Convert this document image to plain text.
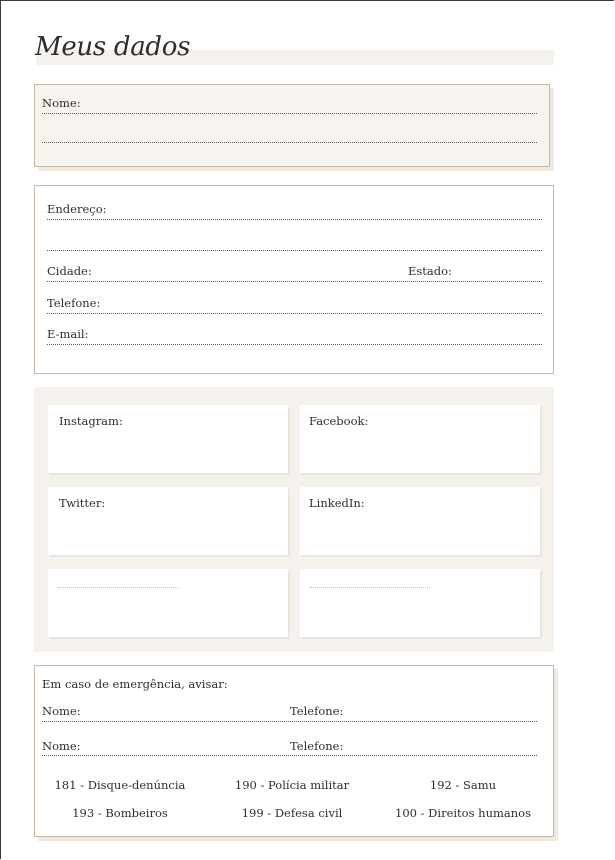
Meus dados
Nome:
Endereço:
Cidade:	Estado:
Telefone:
E-mail:
Instagram:	Facebook:
Twitter:	LinkedIn:
Em caso de emergência, avisar:
Nome:	Telefone:
Nome:	Telefone:
181 - Disque-denúncia	190 - Polícia militar	192 - Samu
193 - Bombeiros	199 - Defesa civil	100 - Direitos humanos
